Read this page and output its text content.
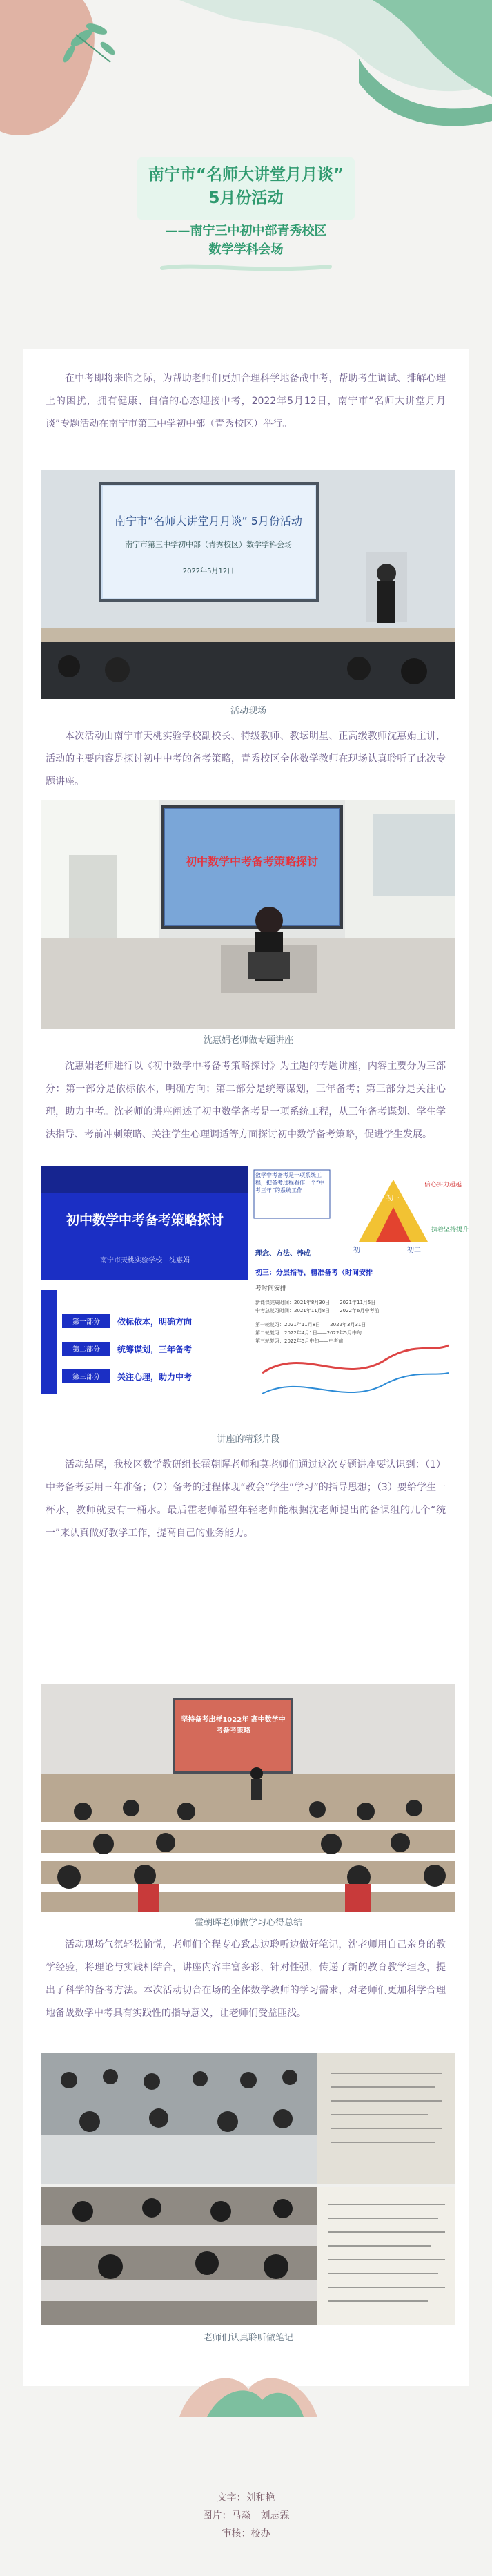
南宁市“名师大讲堂月月谈”
5月份活动
——南宁三中初中部青秀校区
数学学科会场
在中考即将来临之际，为帮助老师们更加合理科学地备战中考，帮助考生调试、排解心理上的困扰，拥有健康、自信的心态迎接中考，2022年5月12日，南宁市“名师大讲堂月月谈”专题活动在南宁市第三中学初中部（青秀校区）举行。
南宁市“名师大讲堂月月谈” 5月份活动
南宁市第三中学初中部（青秀校区）数学学科会场
2022年5月12日
活动现场
本次活动由南宁市天桃实验学校副校长、特级教师、教坛明星、正高级教师沈惠娟主讲，活动的主要内容是探讨初中中考的备考策略，青秀校区全体数学教师在现场认真聆听了此次专题讲座。
初中数学中考备考策略探讨
沈惠娟老师做专题讲座
沈惠娟老师进行以《初中数学中考备考策略探讨》为主题的专题讲座，内容主要分为三部分：第一部分是依标依本，明确方向；第二部分是统筹谋划，三年备考；第三部分是关注心理，助力中考。沈老师的讲座阐述了初中数学备考是一项系统工程，从三年备考谋划、学生学法指导、考前冲刺策略、关注学生心理调适等方面探讨初中数学备考策略，促进学生发展。
初中数学中考备考策略探讨
南宁市天桃实验学校　沈惠娟
数学中考备考是一项系统工程，把备考过程看作一个“中考三年”的系统工作
信心实力超越
初一	初二
初三
执着坚持提升
理念、方法、养成
第一部分 依标依本，明确方向
第二部分 统筹谋划，三年备考
第三部分 关注心理，助力中考
初三：分层指导，精准备考（时间安排
考时间安排
新课课完成时间：2021年8月30日——2021年11月5日
中考总复习时间：2021年11月8日——2022年6月中考前
第一轮复习：2021年11月8日——2022年3月31日
第二轮复习：2022年4月1日——2022年5月中旬
第三轮复习：2022年5月中旬——中考前
讲座的精彩片段
活动结尾，我校区数学教研组长霍朝晖老师和莫老师们通过这次专题讲座要认识到：（1）中考备考要用三年准备；（2）备考的过程体现“教会”学生“学习”的指导思想；（3）要给学生一杯水，教师就要有一桶水。最后霍老师希望年轻老师能根据沈老师提出的备课组的几个“统一”来认真做好教学工作，提高自己的业务能力。
坚持备考出样1022年 高中数学中考备考策略
霍朝晖老师做学习心得总结
活动现场气氛轻松愉悦，老师们全程专心致志边聆听边做好笔记，沈老师用自己亲身的教学经验，将理论与实践相结合，讲座内容丰富多彩，针对性强，传递了新的教育教学理念，提出了科学的备考方法。本次活动切合在场的全体数学教师的学习需求，对老师们更加科学合理地备战数学中考具有实践性的指导意义，让老师们受益匪浅。
老师们认真聆听做笔记
文字：刘和艳
图片：马淼　刘志霖
审核：校办
